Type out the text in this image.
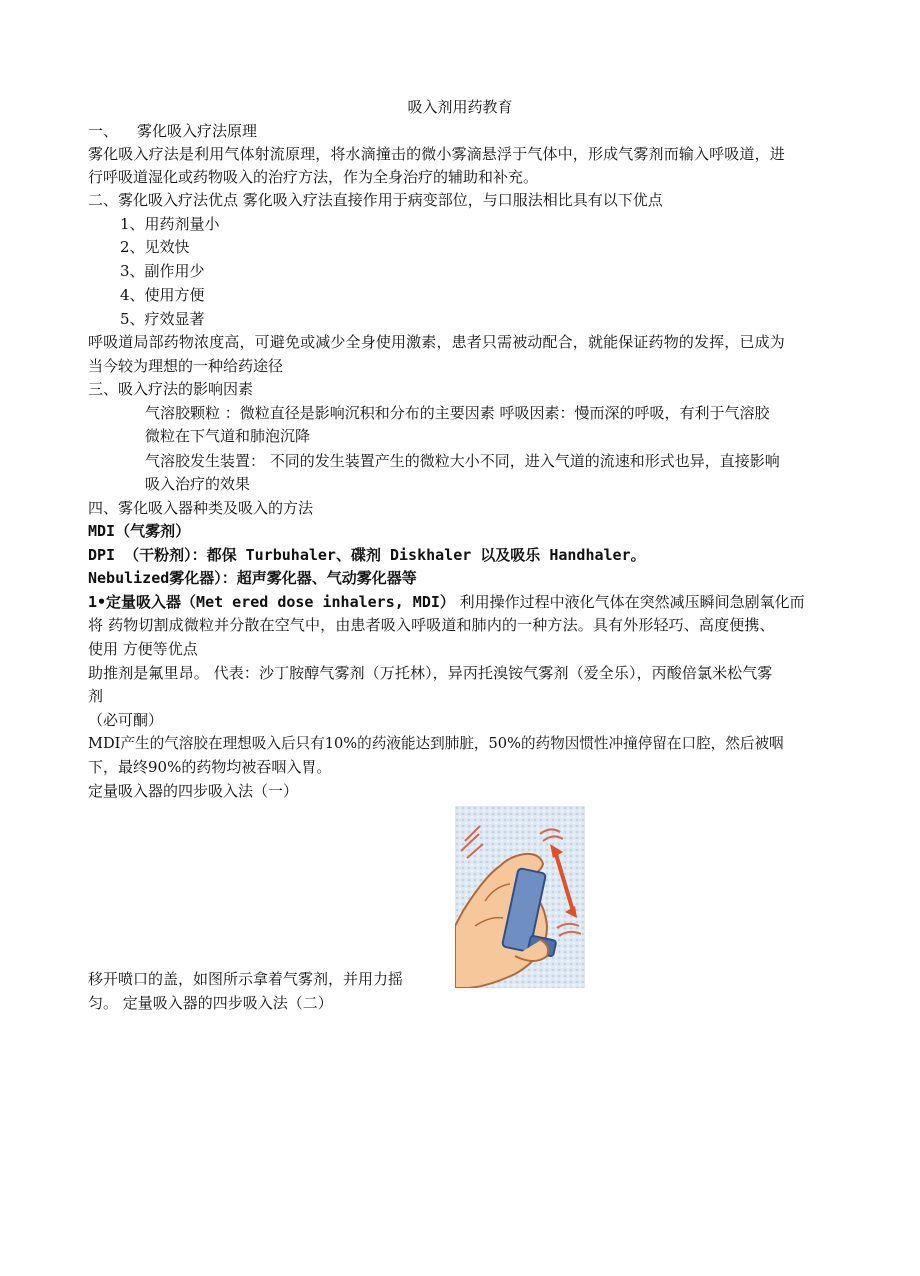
吸入剂用药教育
一、 雾化吸入疗法原理
雾化吸入疗法是利用气体射流原理，将水滴撞击的微小雾滴悬浮于气体中，形成气雾剂而输入呼吸道，进
行呼吸道湿化或药物吸入的治疗方法，作为全身治疗的辅助和补充。
二、雾化吸入疗法优点 雾化吸入疗法直接作用于病变部位，与口服法相比具有以下优点
1、用药剂量小
2、见效快
3、副作用少
4、使用方便
5、疗效显著
呼吸道局部药物浓度高，可避免或减少全身使用激素，患者只需被动配合，就能保证药物的发挥，已成为
当今较为理想的一种给药途径
三、吸入疗法的影响因素
气溶胶颗粒 ：微粒直径是影响沉积和分布的主要因素 呼吸因素：慢而深的呼吸，有利于气溶胶
微粒在下气道和肺泡沉降
气溶胶发生装置： 不同的发生装置产生的微粒大小不同，进入气道的流速和形式也异，直接影响
吸入治疗的效果
四、雾化吸入器种类及吸入的方法
MDI（气雾剂）
DPI （干粉剂）：都保 Turbuhaler、碟剂 Diskhaler 以及吸乐 Handhaler。
Nebulized雾化器）：超声雾化器、气动雾化器等
1•定量吸入器（Met ered dose inhalers, MDI） 利用操作过程中液化气体在突然减压瞬间急剧氧化而
将 药物切割成微粒并分散在空气中，由患者吸入呼吸道和肺内的一种方法。具有外形轻巧、高度便携、
使用 方便等优点
助推剂是氟里昂。 代表：沙丁胺醇气雾剂（万托林），异丙托溴铵气雾剂（爱全乐），丙酸倍氯米松气雾
剂
（必可酮）
MDI产生的气溶胶在理想吸入后只有10%的药液能达到肺脏，50%的药物因惯性冲撞停留在口腔，然后被咽
下，最终90%的药物均被吞咽入胃。
定量吸入器的四步吸入法（一）
移开喷口的盖，如图所示拿着气雾剂，并用力摇
匀。 定量吸入器的四步吸入法（二）
